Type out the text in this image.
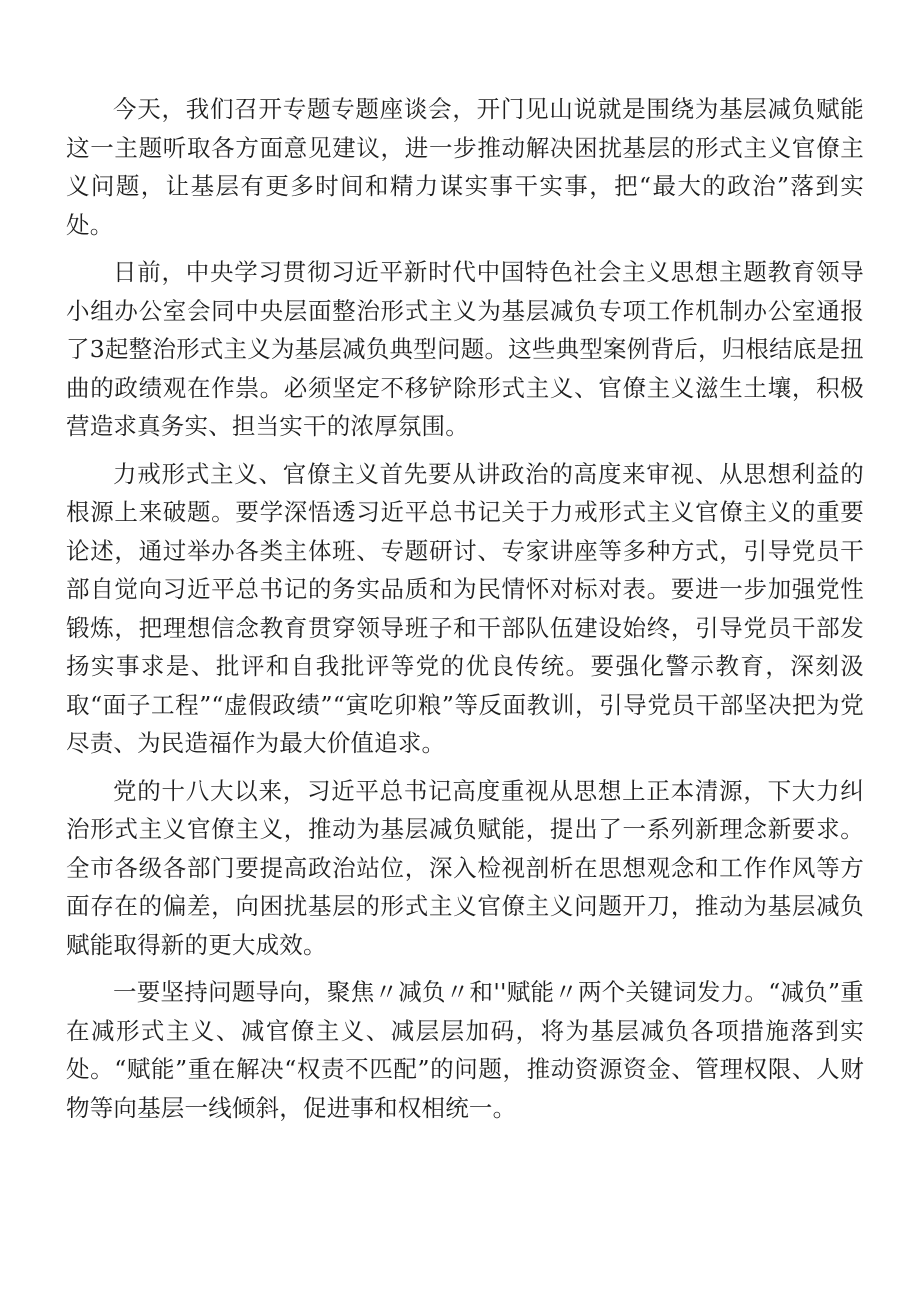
今天，我们召开专题专题座谈会，开门见山说就是围绕为基层减负赋能这一主题听取各方面意见建议，进一步推动解决困扰基层的形式主义官僚主义问题，让基层有更多时间和精力谋实事干实事，把“最大的政治”落到实处。

日前，中央学习贯彻习近平新时代中国特色社会主义思想主题教育领导小组办公室会同中央层面整治形式主义为基层减负专项工作机制办公室通报了3起整治形式主义为基层减负典型问题。这些典型案例背后，归根结底是扭曲的政绩观在作祟。必须坚定不移铲除形式主义、官僚主义滋生土壤，积极营造求真务实、担当实干的浓厚氛围。

力戒形式主义、官僚主义首先要从讲政治的高度来审视、从思想利益的根源上来破题。要学深悟透习近平总书记关于力戒形式主义官僚主义的重要论述，通过举办各类主体班、专题研讨、专家讲座等多种方式，引导党员干部自觉向习近平总书记的务实品质和为民情怀对标对表。要进一步加强党性锻炼，把理想信念教育贯穿领导班子和干部队伍建设始终，引导党员干部发扬实事求是、批评和自我批评等党的优良传统。要强化警示教育，深刻汲取“面子工程”“虚假政绩”“寅吃卯粮”等反面教训，引导党员干部坚决把为党尽责、为民造福作为最大价值追求。

党的十八大以来，习近平总书记高度重视从思想上正本清源，下大力纠治形式主义官僚主义，推动为基层减负赋能，提出了一系列新理念新要求。全市各级各部门要提高政治站位，深入检视剖析在思想观念和工作作风等方面存在的偏差，向困扰基层的形式主义官僚主义问题开刀，推动为基层减负赋能取得新的更大成效。

一要坚持问题导向，聚焦〃减负〃和''赋能〃两个关键词发力。“减负”重在减形式主义、减官僚主义、减层层加码，将为基层减负各项措施落到实处。“赋能”重在解决“权责不匹配”的问题，推动资源资金、管理权限、人财物等向基层一线倾斜，促进事和权相统一。
